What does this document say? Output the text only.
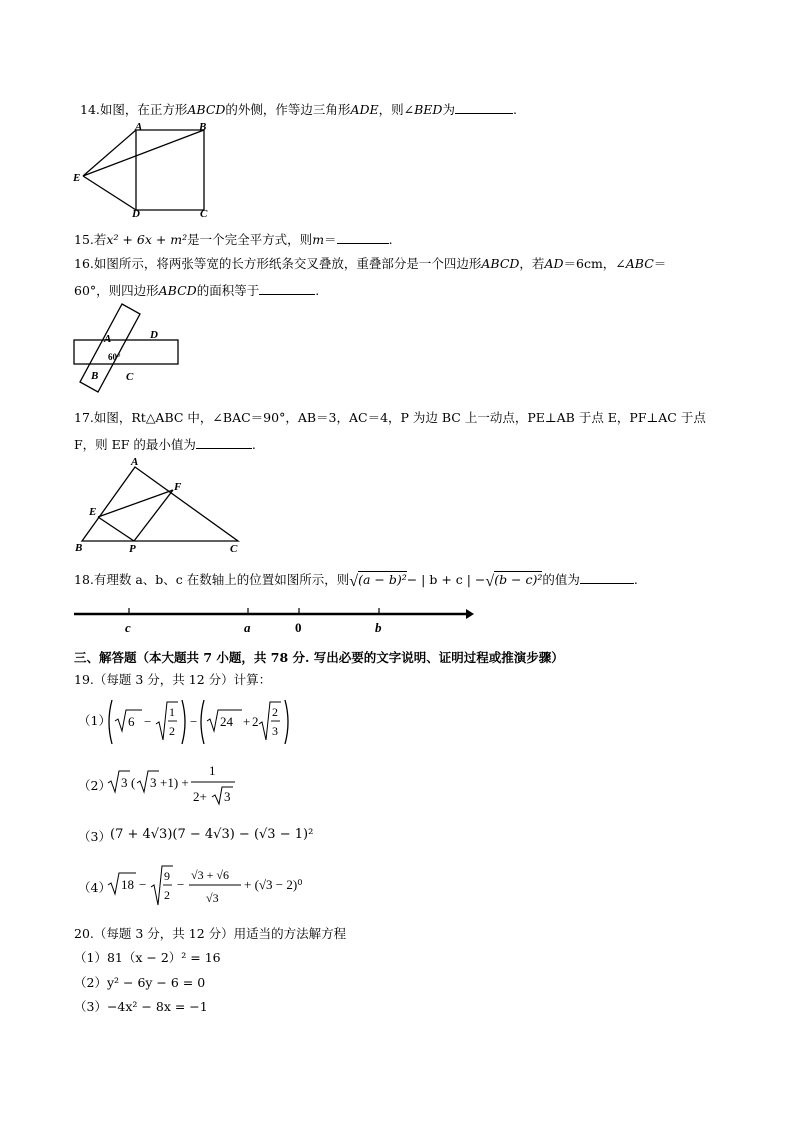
14.如图，在正方形ABCD的外侧，作等边三角形ADE，则∠BED为	.
A	B
C
D
E
15.若x² + 6x + m²是一个完全平方式，则m＝	.
16.如图所示，将两张等宽的长方形纸条交叉叠放，重叠部分是一个四边形ABCD，若AD＝6cm，∠ABC＝
60°，则四边形ABCD的面积等于	.
A	D
B	C
60°
17.如图，Rt△ABC 中，∠BAC＝90°，AB＝3，AC＝4，P 为边 BC 上一动点，PE⊥AB 于点 E，PF⊥AC 于点
F，则 EF 的最小值为	.
A
F
E
B	P	C
18.有理数 a、b、c 在数轴上的位置如图所示，则√(a − b)²− | b + c | −√(b − c)²的值为	.
c	a	0	b
三、解答题（本大题共 7 小题，共 78 分. 写出必要的文字说明、证明过程或推演步骤）
19.（每题 3 分，共 12 分）计算：
（1） 6 −
1
2
− 24 + 2
2
3
（2） 3 ( 3 +1) +
1
2+ 3
（3） (7 + 4√3)(7 − 4√3) − (√3 − 1)²
（4） 18 −
9
2
−
√3 + √6
√3
+ (√3 − 2)⁰
20.（每题 3 分，共 12 分）用适当的方法解方程
（1）81（x − 2）² = 16
（2）y² − 6y − 6 = 0
（3）−4x² − 8x = −1
